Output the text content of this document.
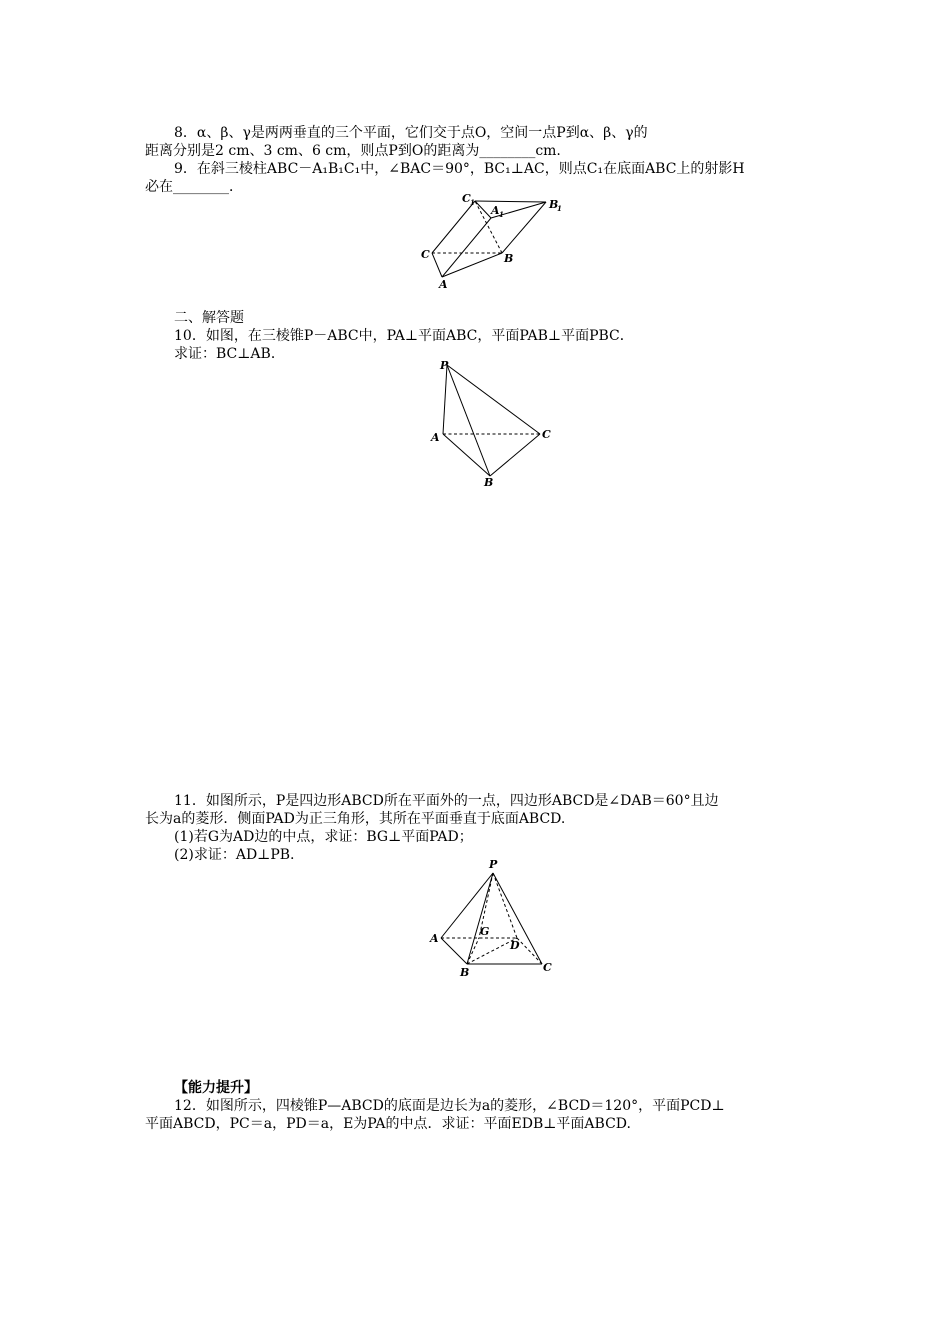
8．α、β、γ是两两垂直的三个平面，它们交于点O，空间一点P到α、β、γ的
距离分别是2 cm、3 cm、6 cm，则点P到O的距离为________cm.
9．在斜三棱柱ABC－A₁B₁C₁中，∠BAC＝90°，BC₁⊥AC，则点C₁在底面ABC上的射影H
必在________．
C 1
A 1
B
1
C	B
A
二、解答题
10．如图，在三棱锥P－ABC中，PA⊥平面ABC，平面PAB⊥平面PBC．
求证：BC⊥AB．
P
A	C
B
11．如图所示，P是四边形ABCD所在平面外的一点，四边形ABCD是∠DAB＝60°且边
长为a的菱形．侧面PAD为正三角形，其所在平面垂直于底面ABCD.
(1)若G为AD边的中点，求证：BG⊥平面PAD；
(2)求证：AD⊥PB.
P
A
G
D
B	C
【能力提升】
12．如图所示，四棱锥P—ABCD的底面是边长为a的菱形，∠BCD＝120°，平面PCD⊥
平面ABCD，PC＝a，PD＝a，E为PA的中点．求证：平面EDB⊥平面ABCD.
